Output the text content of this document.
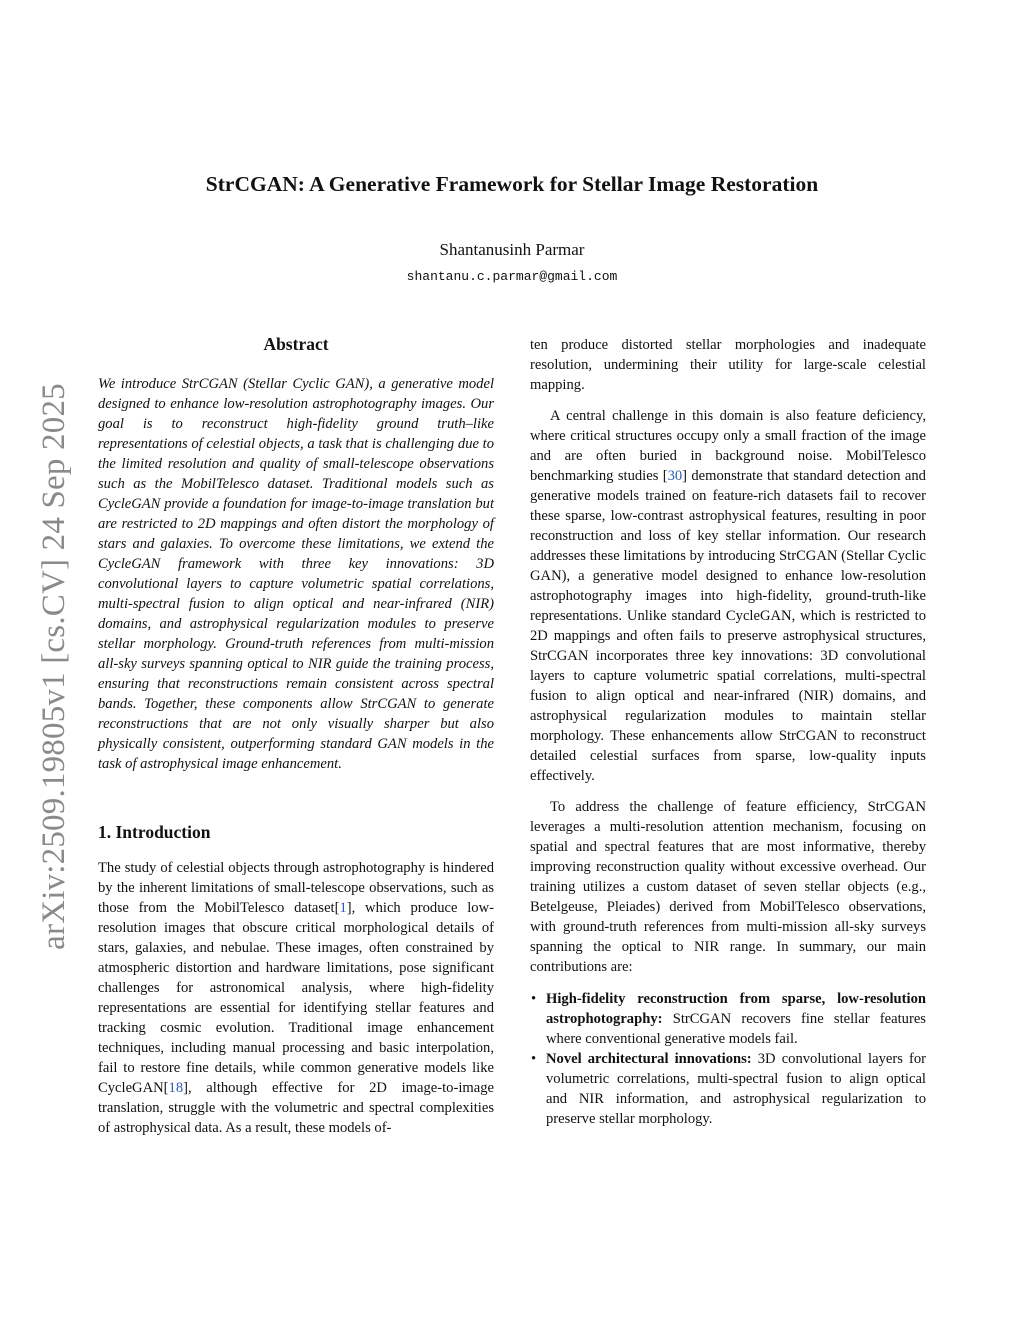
arXiv:2509.19805v1 [cs.CV] 24 Sep 2025
StrCGAN: A Generative Framework for Stellar Image Restoration
Shantanusinh Parmar
shantanu.c.parmar@gmail.com
Abstract

We introduce StrCGAN (Stellar Cyclic GAN), a generative model designed to enhance low-resolution astrophotography images. Our goal is to reconstruct high-fidelity ground truth–like representations of celestial objects, a task that is challenging due to the limited resolution and quality of small-telescope observations such as the MobilTelesco dataset. Traditional models such as CycleGAN provide a foundation for image-to-image translation but are restricted to 2D mappings and often distort the morphology of stars and galaxies. To overcome these limitations, we extend the CycleGAN framework with three key innovations: 3D convolutional layers to capture volumetric spatial correlations, multi-spectral fusion to align optical and near-infrared (NIR) domains, and astrophysical regularization modules to preserve stellar morphology. Ground-truth references from multi-mission all-sky surveys spanning optical to NIR guide the training process, ensuring that reconstructions remain consistent across spectral bands. Together, these components allow StrCGAN to generate reconstructions that are not only visually sharper but also physically consistent, outperforming standard GAN models in the task of astrophysical image enhancement.

1. Introduction

The study of celestial objects through astrophotography is hindered by the inherent limitations of small-telescope observations, such as those from the MobilTelesco dataset[1], which produce low-resolution images that obscure critical morphological details of stars, galaxies, and nebulae. These images, often constrained by atmospheric distortion and hardware limitations, pose significant challenges for astronomical analysis, where high-fidelity representations are essential for identifying stellar features and tracking cosmic evolution. Traditional image enhancement techniques, including manual processing and basic interpolation, fail to restore fine details, while common generative models like CycleGAN[18], although effective for 2D image-to-image translation, struggle with the volumetric and spectral complexities of astrophysical data. As a result, these models of-

ten produce distorted stellar morphologies and inadequate resolution, undermining their utility for large-scale celestial mapping.

A central challenge in this domain is also feature deficiency, where critical structures occupy only a small fraction of the image and are often buried in background noise. MobilTelesco benchmarking studies [30] demonstrate that standard detection and generative models trained on feature-rich datasets fail to recover these sparse, low-contrast astrophysical features, resulting in poor reconstruction and loss of key stellar information. Our research addresses these limitations by introducing StrCGAN (Stellar Cyclic GAN), a generative model designed to enhance low-resolution astrophotography images into high-fidelity, ground-truth-like representations. Unlike standard CycleGAN, which is restricted to 2D mappings and often fails to preserve astrophysical structures, StrCGAN incorporates three key innovations: 3D convolutional layers to capture volumetric spatial correlations, multi-spectral fusion to align optical and near-infrared (NIR) domains, and astrophysical regularization modules to maintain stellar morphology. These enhancements allow StrCGAN to reconstruct detailed celestial surfaces from sparse, low-quality inputs effectively.

To address the challenge of feature efficiency, StrCGAN leverages a multi-resolution attention mechanism, focusing on spatial and spectral features that are most informative, thereby improving reconstruction quality without excessive overhead. Our training utilizes a custom dataset of seven stellar objects (e.g., Betelgeuse, Pleiades) derived from MobilTelesco observations, with ground-truth references from multi-mission all-sky surveys spanning the optical to NIR range. In summary, our main contributions are:

• High-fidelity reconstruction from sparse, low-resolution astrophotography: StrCGAN recovers fine stellar features where conventional generative models fail.
• Novel architectural innovations: 3D convolutional layers for volumetric correlations, multi-spectral fusion to align optical and NIR information, and astrophysical regularization to preserve stellar morphology.
